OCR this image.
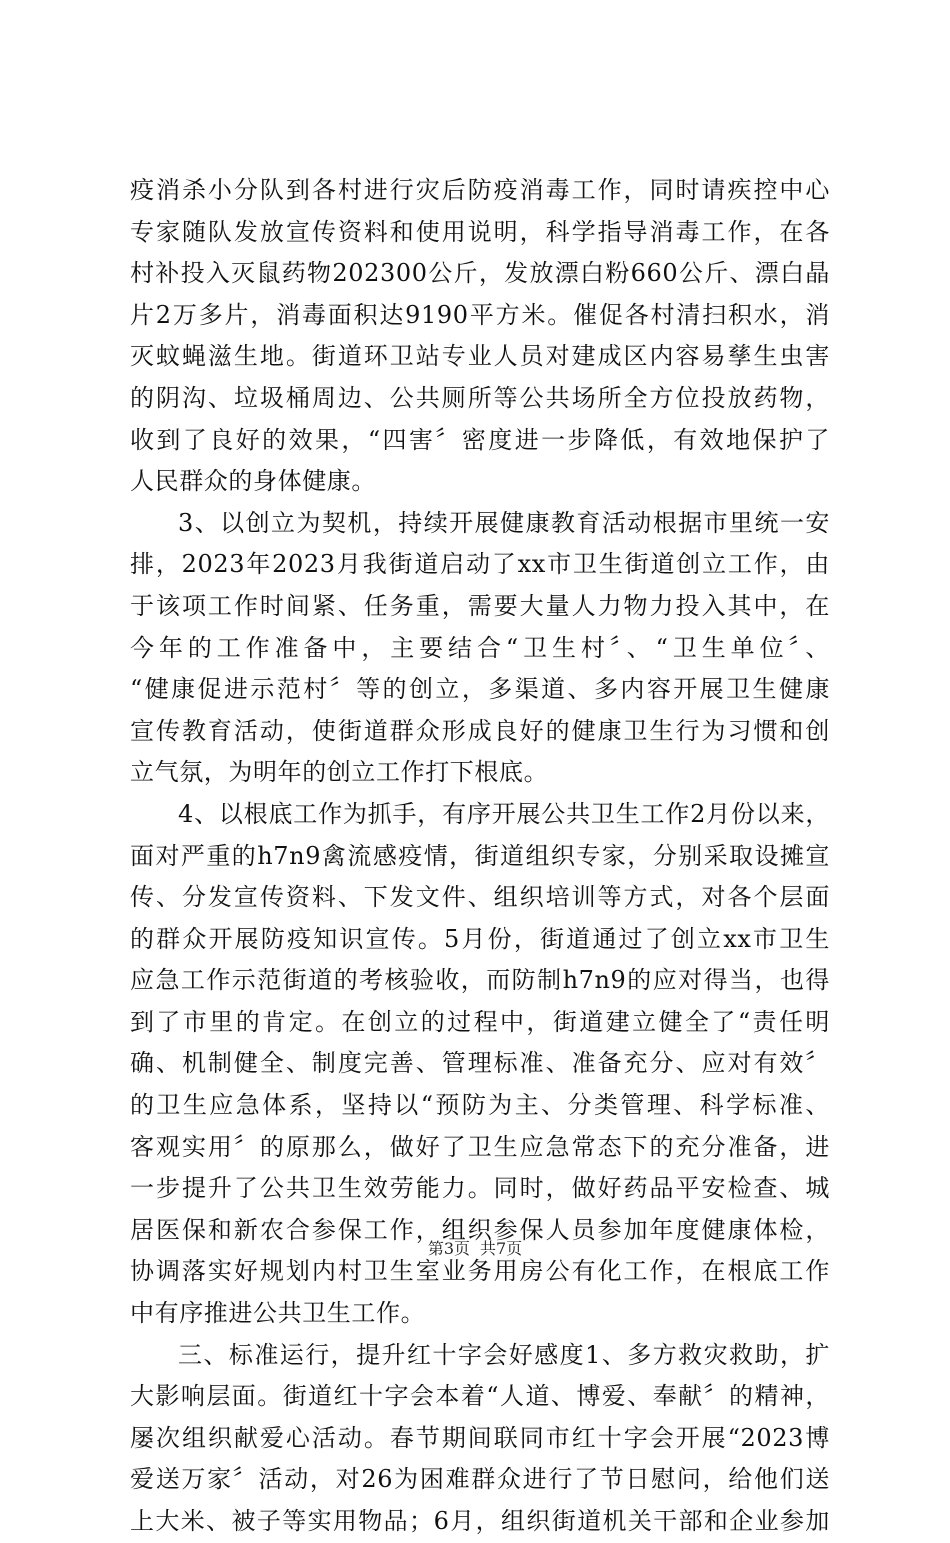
疫消杀小分队到各村进行灾后防疫消毒工作，同时请疾控中心
专家随队发放宣传资料和使用说明，科学指导消毒工作，在各
村补投入灭鼠药物202300公斤，发放漂白粉660公斤、漂白晶
片2万多片，消毒面积达9190平方米。催促各村清扫积水，消
灭蚊蝇滋生地。街道环卫站专业人员对建成区内容易孳生虫害
的阴沟、垃圾桶周边、公共厕所等公共场所全方位投放药物，
收到了良好的效果，“四害〞密度进一步降低，有效地保护了
人民群众的身体健康。
3、以创立为契机，持续开展健康教育活动根据市里统一安
排，2023年2023月我街道启动了xx市卫生街道创立工作，由
于该项工作时间紧、任务重，需要大量人力物力投入其中，在
今年的工作准备中，主要结合“卫生村〞、“卫生单位〞、
“健康促进示范村〞等的创立，多渠道、多内容开展卫生健康
宣传教育活动，使街道群众形成良好的健康卫生行为习惯和创
立气氛，为明年的创立工作打下根底。
4、以根底工作为抓手，有序开展公共卫生工作2月份以来，
面对严重的h7n9禽流感疫情，街道组织专家，分别采取设摊宣
传、分发宣传资料、下发文件、组织培训等方式，对各个层面
的群众开展防疫知识宣传。5月份，街道通过了创立xx市卫生
应急工作示范街道的考核验收，而防制h7n9的应对得当，也得
到了市里的肯定。在创立的过程中，街道建立健全了“责任明
确、机制健全、制度完善、管理标准、准备充分、应对有效〞
的卫生应急体系，坚持以“预防为主、分类管理、科学标准、
客观实用〞的原那么，做好了卫生应急常态下的充分准备，进
一步提升了公共卫生效劳能力。同时，做好药品平安检查、城
居医保和新农合参保工作，组织参保人员参加年度健康体检，
协调落实好规划内村卫生室业务用房公有化工作，在根底工作
中有序推进公共卫生工作。
三、标准运行，提升红十字会好感度1、多方救灾救助，扩
大影响层面。街道红十字会本着“人道、博爱、奉献〞的精神，
屡次组织献爱心活动。春节期间联同市红十字会开展“2023博
爱送万家〞活动，对26为困难群众进行了节日慰问，给他们送
上大米、被子等实用物品；6月，组织街道机关干部和企业参加
第3页 共7页
